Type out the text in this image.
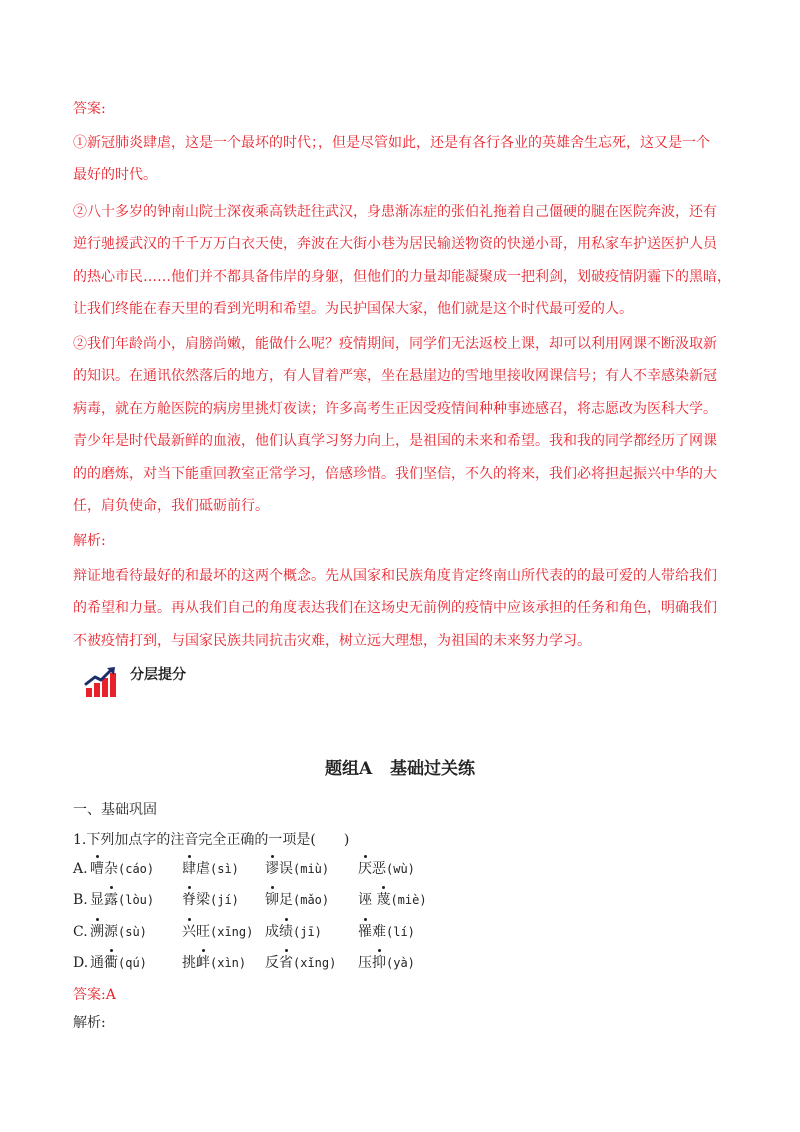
答案:
①新冠肺炎肆虐，这是一个最坏的时代；，但是尽管如此，还是有各行各业的英雄舍生忘死，这又是一个
最好的时代。
②八十多岁的钟南山院士深夜乘高铁赶往武汉，身患渐冻症的张伯礼拖着自己僵硬的腿在医院奔波，还有
逆行驰援武汉的千千万万白衣天使，奔波在大街小巷为居民输送物资的快递小哥，用私家车护送医护人员
的热心市民……他们并不都具备伟岸的身躯，但他们的力量却能凝聚成一把利剑，划破疫情阴霾下的黑暗，
让我们终能在春天里的看到光明和希望。为民护国保大家，他们就是这个时代最可爱的人。
②我们年龄尚小，肩膀尚嫩，能做什么呢？疫情期间，同学们无法返校上课，却可以利用网课不断汲取新
的知识。在通讯依然落后的地方，有人冒着严寒，坐在悬崖边的雪地里接收网课信号；有人不幸感染新冠
病毒，就在方舱医院的病房里挑灯夜读；许多高考生正因受疫情间种种事迹感召，将志愿改为医科大学。
青少年是时代最新鲜的血液，他们认真学习努力向上，是祖国的未来和希望。我和我的同学都经历了网课
的的磨炼，对当下能重回教室正常学习，倍感珍惜。我们坚信，不久的将来，我们必将担起振兴中华的大
任，肩负使命，我们砥砺前行。
解析:
辩证地看待最好的和最坏的这两个概念。先从国家和民族角度肯定终南山所代表的的最可爱的人带给我们
的希望和力量。再从我们自己的角度表达我们在这场史无前例的疫情中应该承担的任务和角色，明确我们
不被疫情打到，与国家民族共同抗击灾难，树立远大理想，为祖国的未来努力学习。
分层提分
题组A   基础过关练
一、基础巩固
1.下列加点字的注音完全正确的一项是(　　)
A. 嘈杂(cáo) 肆虐(sì) 谬误(miù) 厌恶(wù)
B. 显露(lòu) 脊梁(jí) 铆足(mǎo) 诬 蔑(miè)
C. 溯源(sù)	兴旺(xīng) 成绩(jī)	罹难(lí)
D. 通衢(qú)	挑衅(xìn) 反省(xǐng) 压抑(yà)
答案:A
解析:
